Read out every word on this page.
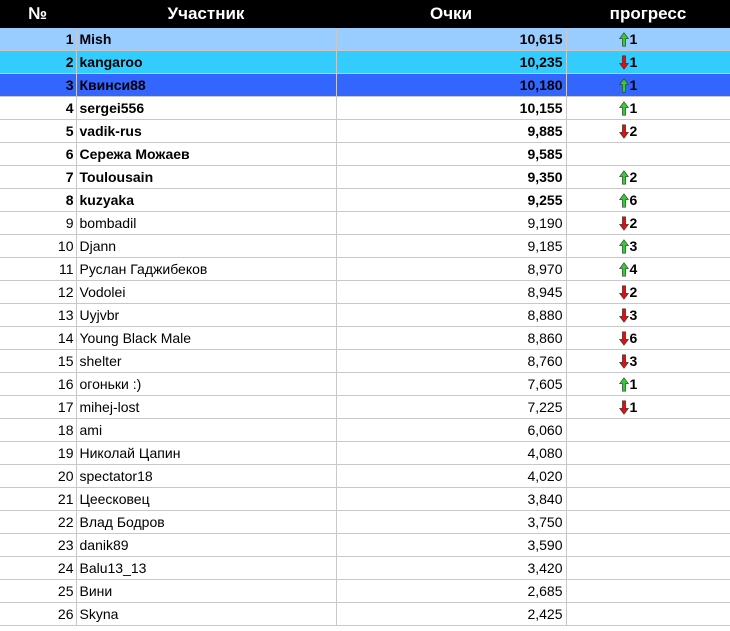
№	Участник	Очки	прогресс
1	Mish	10,615	1
2	kangaroo	10,235	1
3	Квинси88	10,180	1
4	sergei556	10,155	1
5	vadik-rus	9,885	2
6	Сережа Можаев	9,585	
7	Toulousain	9,350	2
8	kuzyaka	9,255	6
9	bombadil	9,190	2
10	Djann	9,185	3
11	Руслан Гаджибеков	8,970	4
12	Vodolei	8,945	2
13	Uyjvbr	8,880	3
14	Young Black Male	8,860	6
15	shelter	8,760	3
16	огоньки :)	7,605	1
17	mihej-lost	7,225	1
18	ami	6,060	
19	Николай Цапин	4,080	
20	spectator18	4,020	
21	Цеесковец	3,840	
22	Влад Бодров	3,750	
23	danik89	3,590	
24	Balu13_13	3,420	
25	Вини	2,685	
26	Skyna	2,425	
